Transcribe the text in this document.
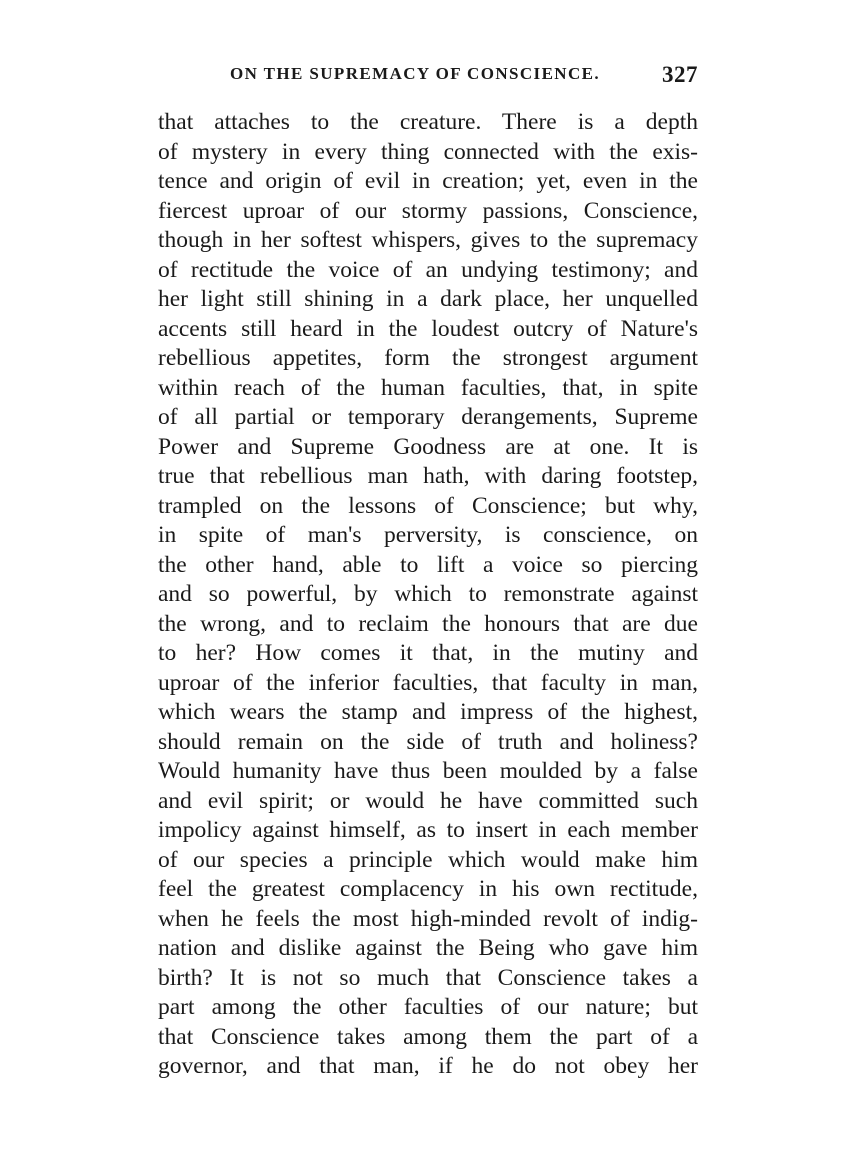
ON THE SUPREMACY OF CONSCIENCE.	327
that attaches to the creature. There is a depth
of mystery in every thing connected with the exis-
tence and origin of evil in creation; yet, even in the
fiercest uproar of our stormy passions, Conscience,
though in her softest whispers, gives to the supremacy
of rectitude the voice of an undying testimony; and
her light still shining in a dark place, her unquelled
accents still heard in the loudest outcry of Nature's
rebellious appetites, form the strongest argument
within reach of the human faculties, that, in spite
of all partial or temporary derangements, Supreme
Power and Supreme Goodness are at one. It is
true that rebellious man hath, with daring footstep,
trampled on the lessons of Conscience; but why,
in spite of man's perversity, is conscience, on
the other hand, able to lift a voice so piercing
and so powerful, by which to remonstrate against
the wrong, and to reclaim the honours that are due
to her? How comes it that, in the mutiny and
uproar of the inferior faculties, that faculty in man,
which wears the stamp and impress of the highest,
should remain on the side of truth and holiness?
Would humanity have thus been moulded by a false
and evil spirit; or would he have committed such
impolicy against himself, as to insert in each member
of our species a principle which would make him
feel the greatest complacency in his own rectitude,
when he feels the most high-minded revolt of indig-
nation and dislike against the Being who gave him
birth? It is not so much that Conscience takes a
part among the other faculties of our nature; but
that Conscience takes among them the part of a
governor, and that man, if he do not obey her
